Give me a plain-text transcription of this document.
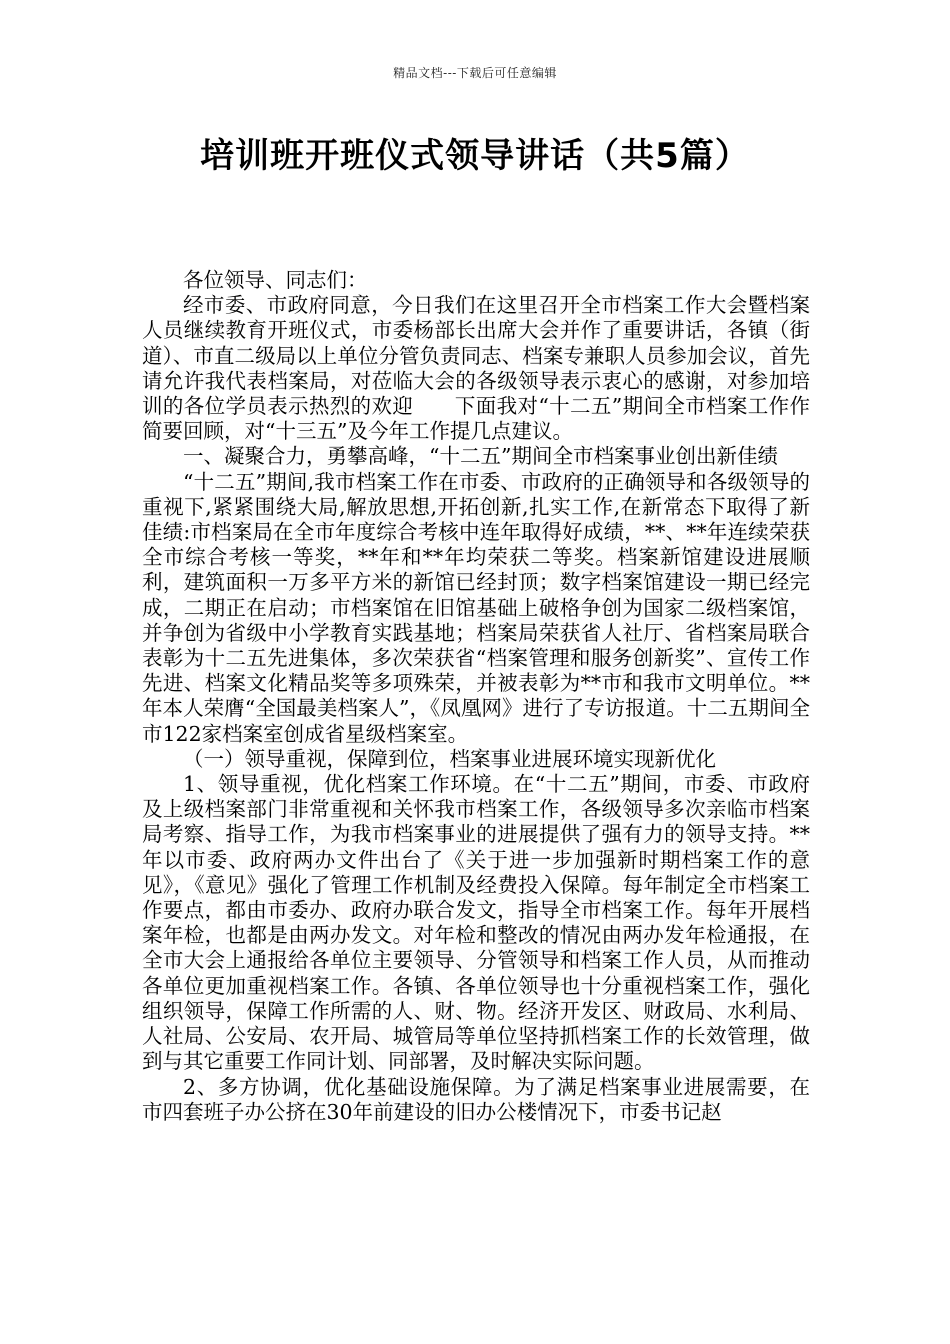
精品文档---下载后可任意编辑
培训班开班仪式领导讲话（共5篇）

各位领导、同志们：

经市委、市政府同意，今日我们在这里召开全市档案工作大会暨档案人员继续教育开班仪式，市委杨部长出席大会并作了重要讲话，各镇（街道）、市直二级局以上单位分管负责同志、档案专兼职人员参加会议，首先请允许我代表档案局，对莅临大会的各级领导表示衷心的感谢，对参加培训的各位学员表示热烈的欢迎　　下面我对“十二五”期间全市档案工作作简要回顾，对“十三五”及今年工作提几点建议。

一、凝聚合力，勇攀高峰，“十二五”期间全市档案事业创出新佳绩

“十二五”期间,我市档案工作在市委、市政府的正确领导和各级领导的重视下,紧紧围绕大局,解放思想,开拓创新,扎实工作,在新常态下取得了新佳绩:市档案局在全市年度综合考核中连年取得好成绩，**、**年连续荣获全市综合考核一等奖，**年和**年均荣获二等奖。档案新馆建设进展顺利，建筑面积一万多平方米的新馆已经封顶；数字档案馆建设一期已经完成，二期正在启动；市档案馆在旧馆基础上破格争创为国家二级档案馆，并争创为省级中小学教育实践基地；档案局荣获省人社厅、省档案局联合表彰为十二五先进集体，多次荣获省“档案管理和服务创新奖”、宣传工作先进、档案文化精品奖等多项殊荣，并被表彰为**市和我市文明单位。**年本人荣膺“全国最美档案人”，《凤凰网》进行了专访报道。十二五期间全市122家档案室创成省星级档案室。

（一）领导重视，保障到位，档案事业进展环境实现新优化

1、领导重视，优化档案工作环境。在“十二五”期间，市委、市政府及上级档案部门非常重视和关怀我市档案工作，各级领导多次亲临市档案局考察、指导工作，为我市档案事业的进展提供了强有力的领导支持。**年以市委、政府两办文件出台了《关于进一步加强新时期档案工作的意见》，《意见》强化了管理工作机制及经费投入保障。每年制定全市档案工作要点，都由市委办、政府办联合发文，指导全市档案工作。每年开展档案年检，也都是由两办发文。对年检和整改的情况由两办发年检通报，在全市大会上通报给各单位主要领导、分管领导和档案工作人员，从而推动各单位更加重视档案工作。各镇、各单位领导也十分重视档案工作，强化组织领导，保障工作所需的人、财、物。经济开发区、财政局、水利局、人社局、公安局、农开局、城管局等单位坚持抓档案工作的长效管理，做到与其它重要工作同计划、同部署，及时解决实际问题。

2、多方协调，优化基础设施保障。为了满足档案事业进展需要，在市四套班子办公挤在30年前建设的旧办公楼情况下，市委书记赵
